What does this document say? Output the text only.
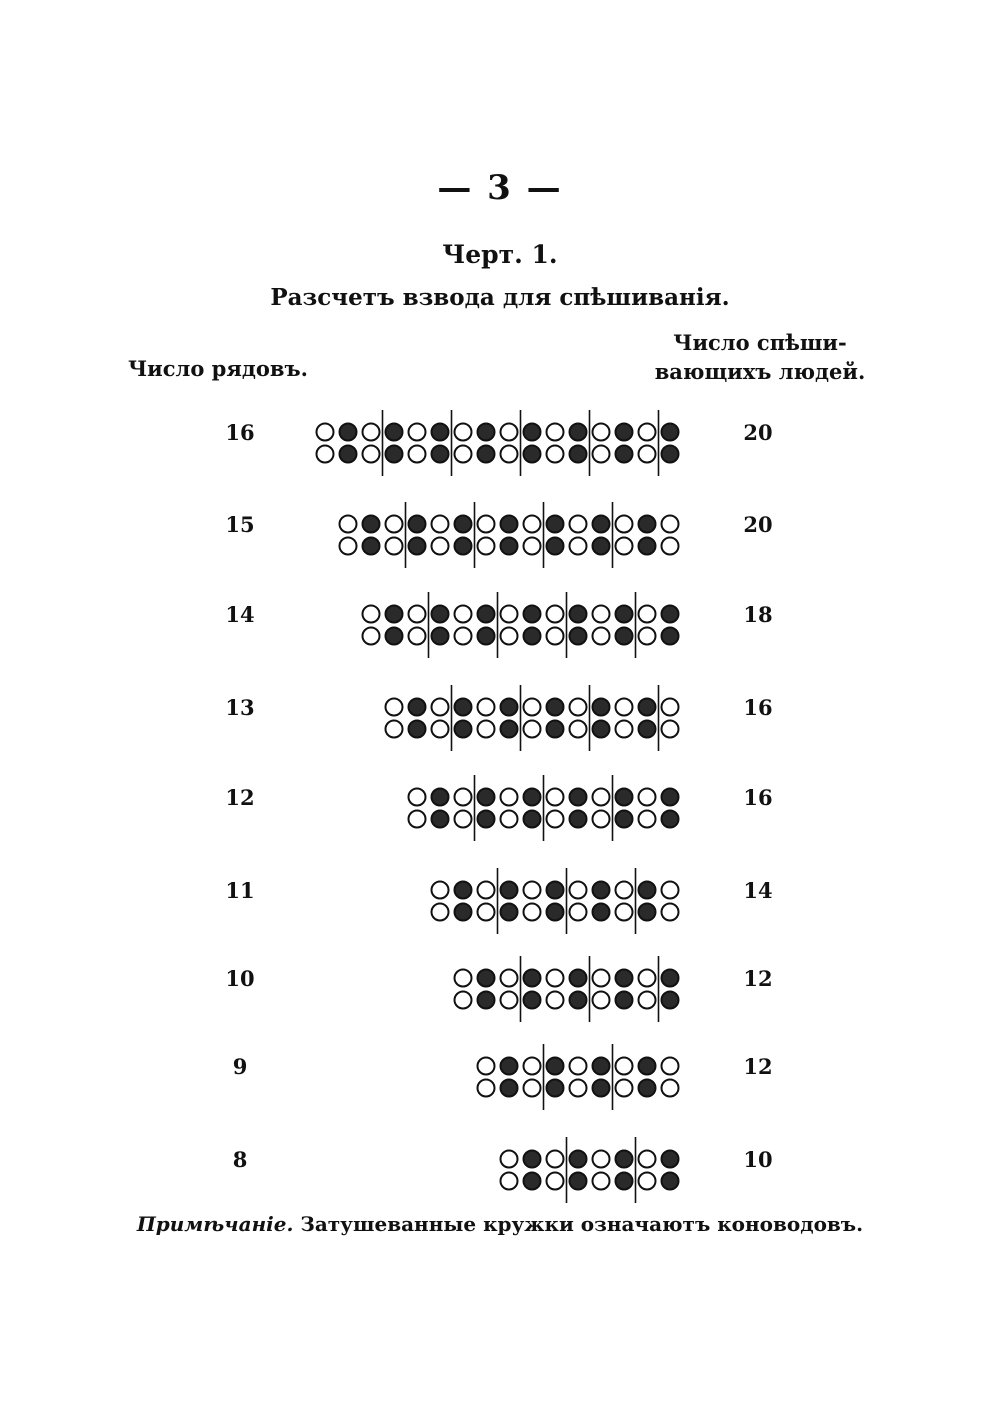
— 3 —
Черт. 1.
Разсчетъ взвода для спѣшиванія.
Число рядовъ.
Число спѣши-
вающихъ людей.
16	20
15	20
14	18
13	16
12	16
11	14
10	12
9	12
8	10
Примѣчаніе. Затушеванные кружки означаютъ коноводовъ.
